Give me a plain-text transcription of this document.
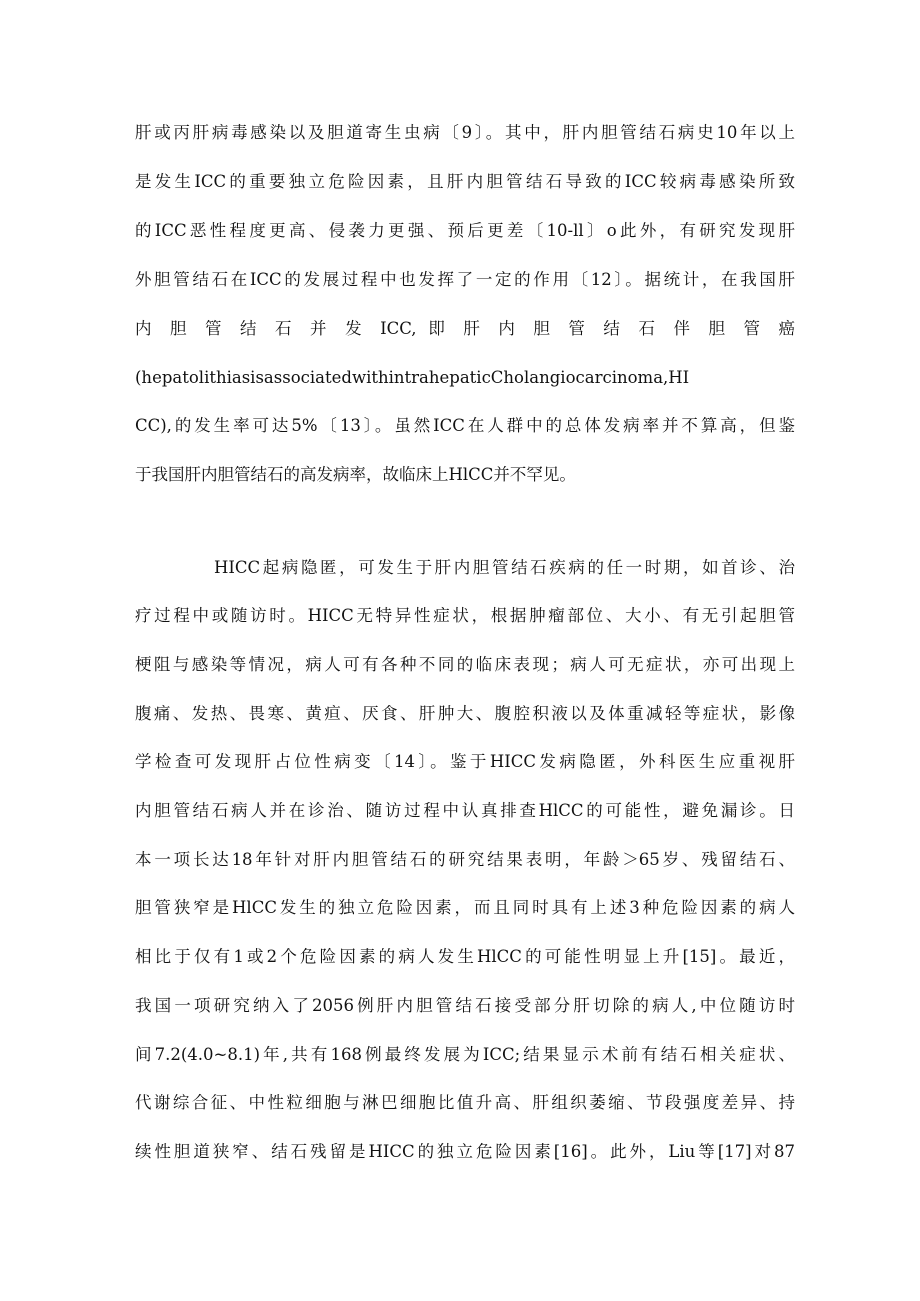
肝或丙肝病毒感染以及胆道寄生虫病〔9〕。其中，肝内胆管结石病史10年以上
是发生ICC的重要独立危险因素，且肝内胆管结石导致的ICC较病毒感染所致
的ICC恶性程度更高、侵袭力更强、预后更差〔10-ll〕o此外，有研究发现肝
外胆管结石在ICC的发展过程中也发挥了一定的作用〔12〕。据统计，在我国肝
内 胆 管 结 石 并 发 ICC, 即 肝 内 胆 管 结 石 伴 胆 管 癌
(hepatolithiasisassociatedwithintrahepaticCholangiocarcinoma,HI
CC),的发生率可达5%〔13〕。虽然ICC在人群中的总体发病率并不算高，但鉴
于我国肝内胆管结石的高发病率，故临床上HlCC并不罕见。
HICC起病隐匿，可发生于肝内胆管结石疾病的任一时期，如首诊、治
疗过程中或随访时。HICC无特异性症状，根据肿瘤部位、大小、有无引起胆管
梗阻与感染等情况，病人可有各种不同的临床表现；病人可无症状，亦可出现上
腹痛、发热、畏寒、黄疸、厌食、肝肿大、腹腔积液以及体重减轻等症状，影像
学检查可发现肝占位性病变〔14〕。鉴于HICC发病隐匿，外科医生应重视肝
内胆管结石病人并在诊治、随访过程中认真排查HlCC的可能性，避免漏诊。日
本一项长达18年针对肝内胆管结石的研究结果表明，年龄＞65岁、残留结石、
胆管狭窄是HlCC发生的独立危险因素，而且同时具有上述3种危险因素的病人
相比于仅有1或2个危险因素的病人发生HlCC的可能性明显上升[15]。最近，
我国一项研究纳入了2056例肝内胆管结石接受部分肝切除的病人,中位随访时
间7.2(4.0~8.1)年,共有168例最终发展为ICC;结果显示术前有结石相关症状、
代谢综合征、中性粒细胞与淋巴细胞比值升高、肝组织萎缩、节段强度差异、持
续性胆道狭窄、结石残留是HICC的独立危险因素[16]。此外，Liu等[17]对87
